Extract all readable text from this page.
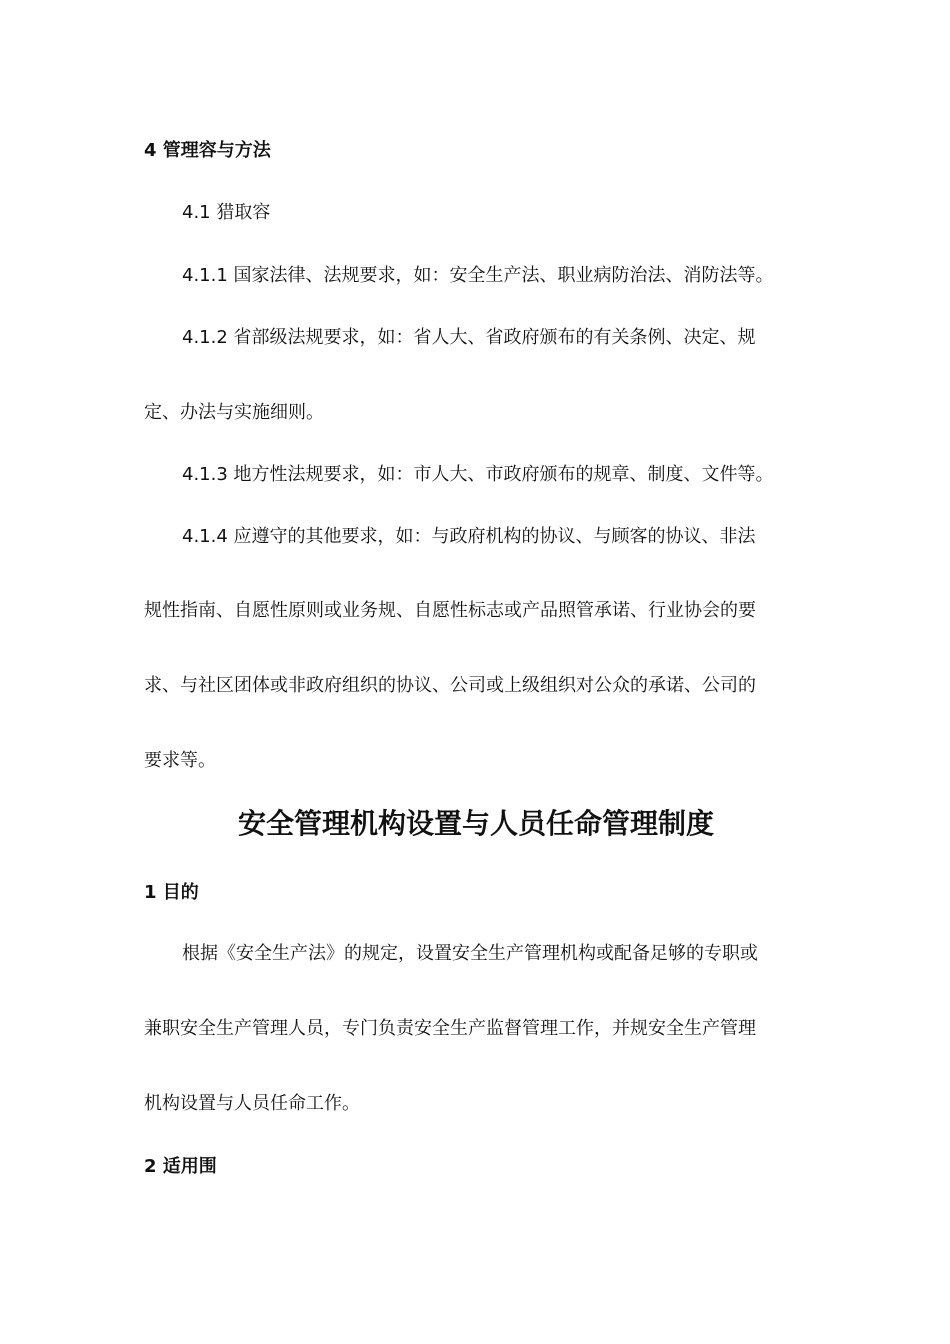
4 管理容与方法
4.1 猎取容
4.1.1 国家法律、法规要求，如：安全生产法、职业病防治法、消防法等。
4.1.2 省部级法规要求，如：省人大、省政府颁布的有关条例、决定、规
定、办法与实施细则。
4.1.3 地方性法规要求，如：市人大、市政府颁布的规章、制度、文件等。
4.1.4 应遵守的其他要求，如：与政府机构的协议、与顾客的协议、非法
规性指南、自愿性原则或业务规、自愿性标志或产品照管承诺、行业协会的要
求、与社区团体或非政府组织的协议、公司或上级组织对公众的承诺、公司的
要求等。
安全管理机构设置与人员任命管理制度
1 目的
根据《安全生产法》的规定，设置安全生产管理机构或配备足够的专职或
兼职安全生产管理人员，专门负责安全生产监督管理工作，并规安全生产管理
机构设置与人员任命工作。
2 适用围
